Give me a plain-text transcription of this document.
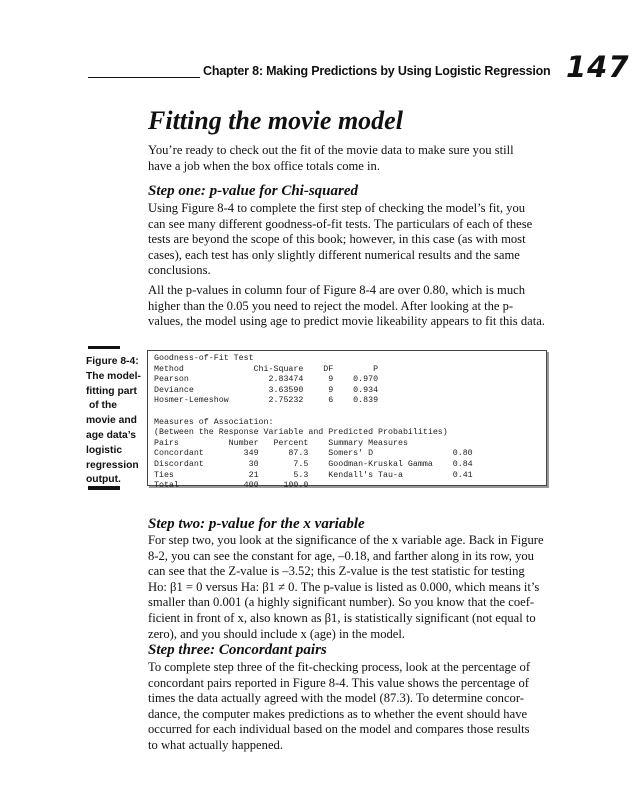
Chapter 8: Making Predictions by Using Logistic Regression 147
Fitting the movie model
You’re ready to check out the fit of the movie data to make sure you still
have a job when the box office totals come in.
Step one: p-value for Chi-squared
Using Figure 8-4 to complete the first step of checking the model’s fit, you
can see many different goodness-of-fit tests. The particulars of each of these
tests are beyond the scope of this book; however, in this case (as with most
cases), each test has only slightly different numerical results and the same
conclusions.
All the p-values in column four of Figure 8-4 are over 0.80, which is much
higher than the 0.05 you need to reject the model. After looking at the p-
values, the model using age to predict movie likeability appears to fit this data.
Figure 8-4:
The model-
fitting part
of the
movie and
age data’s
logistic
regression
output.
Goodness-of-Fit Test
Method              Chi-Square    DF        P
Pearson                2.83474     9    0.970
Deviance               3.63590     9    0.934
Hosmer-Lemeshow        2.75232     6    0.839
Measures of Association:
(Between the Response Variable and Predicted Probabilities)
Pairs          Number   Percent    Summary Measures
Concordant        349      87.3    Somers' D                0.80
Discordant         30       7.5    Goodman-Kruskal Gamma    0.84
Ties               21       5.3    Kendall's Tau-a          0.41
Total             400     100.0
Step two: p-value for the x variable
For step two, you look at the significance of the x variable age. Back in Figure
8-2, you can see the constant for age, –0.18, and farther along in its row, you
can see that the Z-value is –3.52; this Z-value is the test statistic for testing
Ho: β1 = 0 versus Ha: β1 ≠ 0. The p-value is listed as 0.000, which means it’s
smaller than 0.001 (a highly significant number). So you know that the coef-
ficient in front of x, also known as β1, is statistically significant (not equal to
zero), and you should include x (age) in the model.
Step three: Concordant pairs
To complete step three of the fit-checking process, look at the percentage of
concordant pairs reported in Figure 8-4. This value shows the percentage of
times the data actually agreed with the model (87.3). To determine concor-
dance, the computer makes predictions as to whether the event should have
occurred for each individual based on the model and compares those results
to what actually happened.
